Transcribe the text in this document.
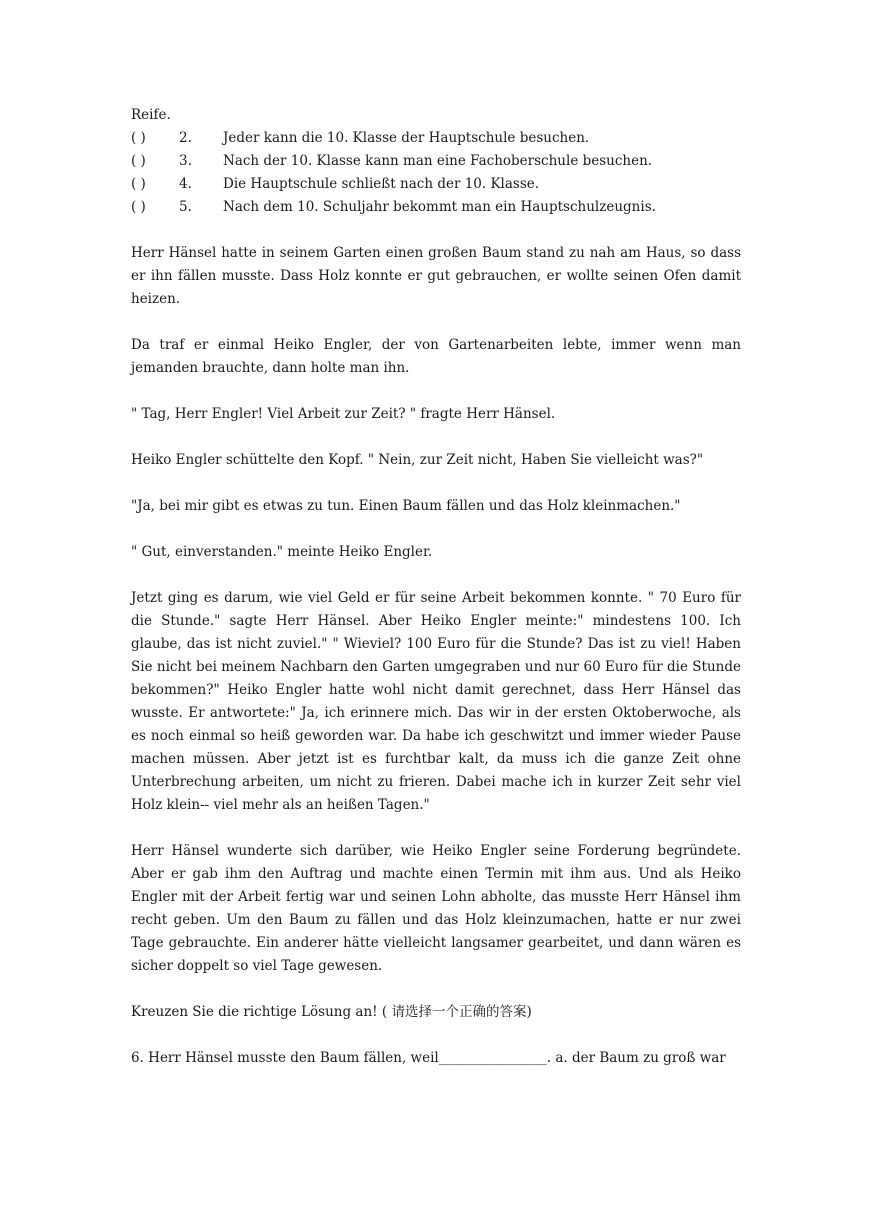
Reife.
( )	2.	Jeder kann die 10. Klasse der Hauptschule besuchen.
( )	3.	Nach der 10. Klasse kann man eine Fachoberschule besuchen.
( )	4.	Die Hauptschule schließt nach der 10. Klasse.
( )	5.	Nach dem 10. Schuljahr bekommt man ein Hauptschulzeugnis.
Herr Hänsel hatte in seinem Garten einen großen Baum stand zu nah am Haus, so dass er ihn fällen musste. Dass Holz konnte er gut gebrauchen, er wollte seinen Ofen damit heizen.
Da traf er einmal Heiko Engler, der von Gartenarbeiten lebte, immer wenn man jemanden brauchte, dann holte man ihn.
" Tag, Herr Engler! Viel Arbeit zur Zeit? " fragte Herr Hänsel.
Heiko Engler schüttelte den Kopf. " Nein, zur Zeit nicht, Haben Sie vielleicht was?"
"Ja, bei mir gibt es etwas zu tun. Einen Baum fällen und das Holz kleinmachen."
" Gut, einverstanden." meinte Heiko Engler.
Jetzt ging es darum, wie viel Geld er für seine Arbeit bekommen konnte. " 70 Euro für die Stunde." sagte Herr Hänsel. Aber Heiko Engler meinte:" mindestens 100. Ich glaube, das ist nicht zuviel." " Wieviel? 100 Euro für die Stunde? Das ist zu viel! Haben Sie nicht bei meinem Nachbarn den Garten umgegraben und nur 60 Euro für die Stunde bekommen?" Heiko Engler hatte wohl nicht damit gerechnet, dass Herr Hänsel das wusste. Er antwortete:" Ja, ich erinnere mich. Das wir in der ersten Oktoberwoche, als es noch einmal so heiß geworden war. Da habe ich geschwitzt und immer wieder Pause machen müssen. Aber jetzt ist es furchtbar kalt, da muss ich die ganze Zeit ohne Unterbrechung arbeiten, um nicht zu frieren. Dabei mache ich in kurzer Zeit sehr viel Holz klein-- viel mehr als an heißen Tagen."
Herr Hänsel wunderte sich darüber, wie Heiko Engler seine Forderung begründete. Aber er gab ihm den Auftrag und machte einen Termin mit ihm aus. Und als Heiko Engler mit der Arbeit fertig war und seinen Lohn abholte, das musste Herr Hänsel ihm recht geben. Um den Baum zu fällen und das Holz kleinzumachen, hatte er nur zwei Tage gebrauchte. Ein anderer hätte vielleicht langsamer gearbeitet, und dann wären es sicher doppelt so viel Tage gewesen.
Kreuzen Sie die richtige Lösung an! ( 请选择一个正确的答案)
6. Herr Hänsel musste den Baum fällen, weil________________. a. der Baum zu groß war
